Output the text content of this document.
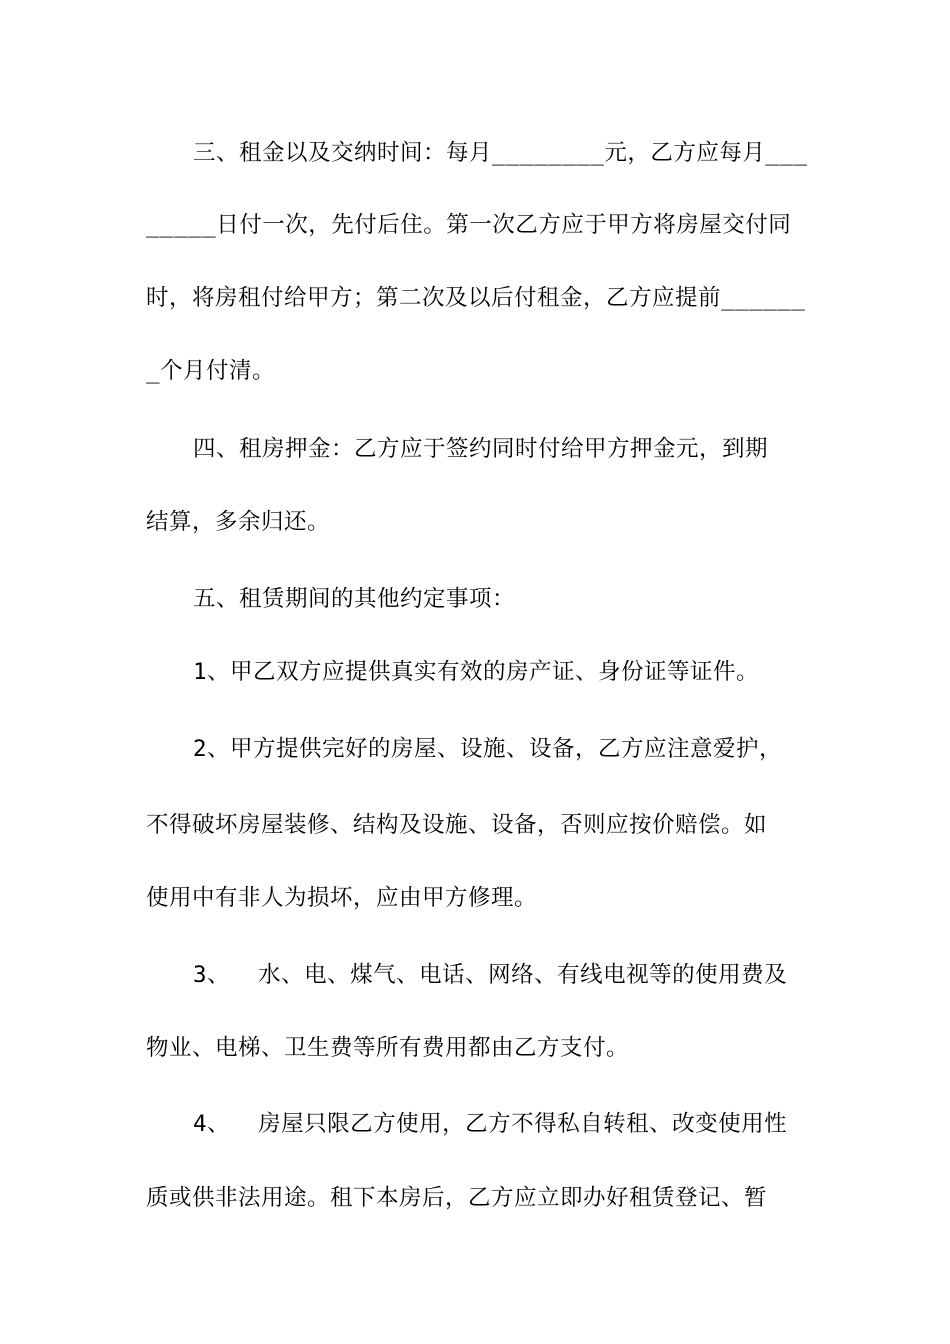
三、租金以及交纳时间：每月________元，乙方应每月___
_____日付一次，先付后住。第一次乙方应于甲方将房屋交付同
时，将房租付给甲方；第二次及以后付租金，乙方应提前______
_个月付清。
四、租房押金：乙方应于签约同时付给甲方押金元，到期
结算，多余归还。
五、租赁期间的其他约定事项：
1、甲乙双方应提供真实有效的房产证、身份证等证件。
2、甲方提供完好的房屋、设施、设备，乙方应注意爱护，
不得破坏房屋装修、结构及设施、设备，否则应按价赔偿。如
使用中有非人为损坏，应由甲方修理。
3、  水、电、煤气、电话、网络、有线电视等的使用费及
物业、电梯、卫生费等所有费用都由乙方支付。
4、  房屋只限乙方使用，乙方不得私自转租、改变使用性
质或供非法用途。租下本房后，乙方应立即办好租赁登记、暂
